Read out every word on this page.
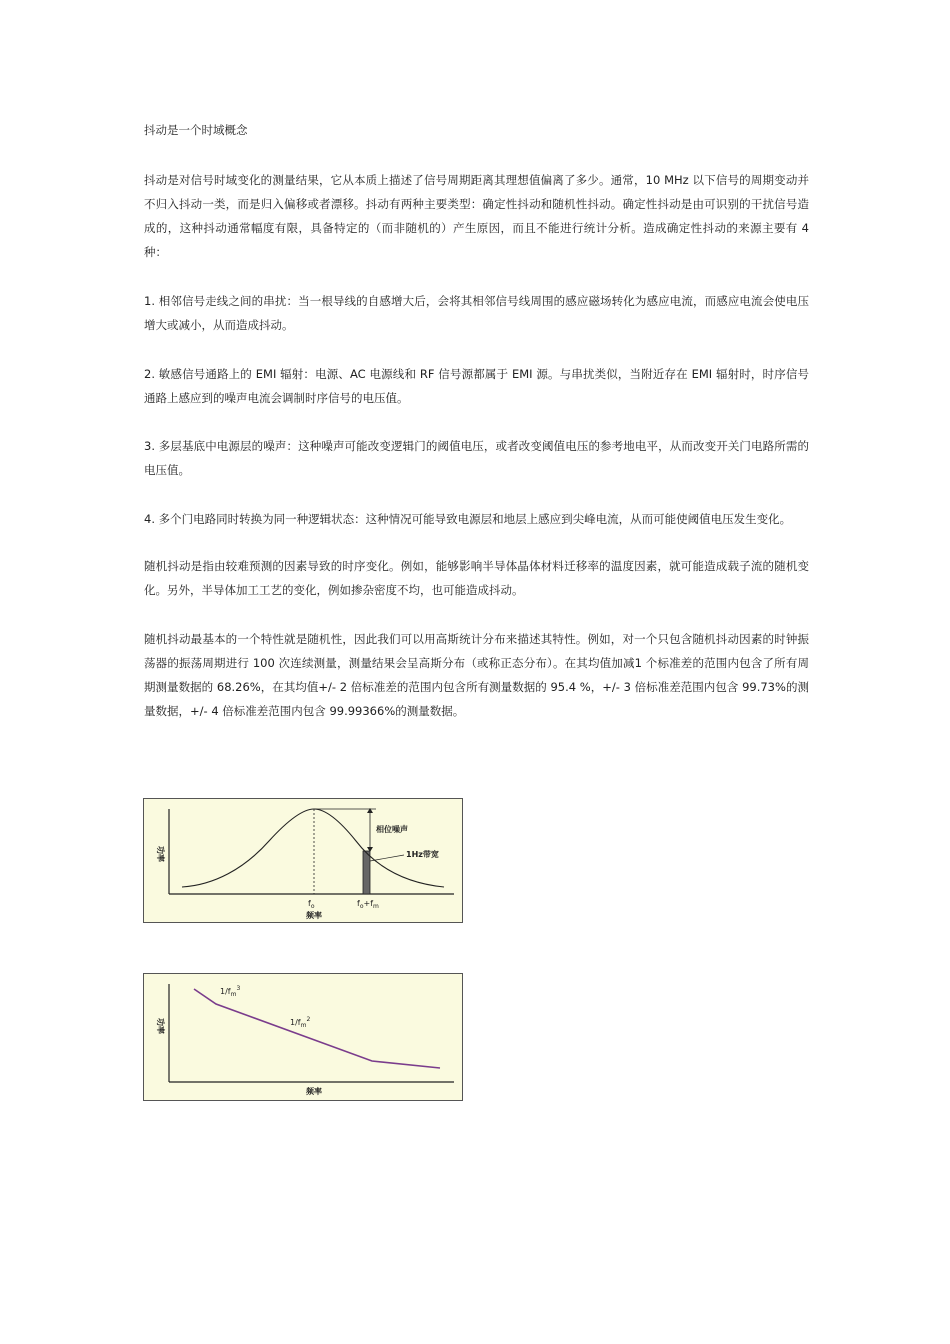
抖动是一个时域概念

抖动是对信号时域变化的测量结果，它从本质上描述了信号周期距离其理想值偏离了多少。通常，10 MHz 以下信号的周期变动并不归入抖动一类，而是归入偏移或者漂移。抖动有两种主要类型：确定性抖动和随机性抖动。确定性抖动是由可识别的干扰信号造成的，这种抖动通常幅度有限，具备特定的（而非随机的）产生原因，而且不能进行统计分析。造成确定性抖动的来源主要有 4 种：

1. 相邻信号走线之间的串扰：当一根导线的自感增大后，会将其相邻信号线周围的感应磁场转化为感应电流，而感应电流会使电压增大或减小，从而造成抖动。

2. 敏感信号通路上的 EMI 辐射：电源、AC 电源线和 RF 信号源都属于 EMI 源。与串扰类似，当附近存在 EMI 辐射时，时序信号通路上感应到的噪声电流会调制时序信号的电压值。

3. 多层基底中电源层的噪声：这种噪声可能改变逻辑门的阈值电压，或者改变阈值电压的参考地电平，从而改变开关门电路所需的电压值。

4. 多个门电路同时转换为同一种逻辑状态：这种情况可能导致电源层和地层上感应到尖峰电流，从而可能使阈值电压发生变化。

随机抖动是指由较难预测的因素导致的时序变化。例如，能够影响半导体晶体材料迁移率的温度因素，就可能造成载子流的随机变化。另外，半导体加工工艺的变化，例如掺杂密度不均，也可能造成抖动。

随机抖动最基本的一个特性就是随机性，因此我们可以用高斯统计分布来描述其特性。例如，对一个只包含随机抖动因素的时钟振荡器的振荡周期进行 100 次连续测量，测量结果会呈高斯分布（或称正态分布）。在其均值加减1 个标准差的范围内包含了所有周期测量数据的 68.26%，在其均值+/- 2 倍标准差的范围内包含所有测量数据的 95.4 %，+/- 3 倍标准差范围内包含 99.73%的测量数据，+/- 4 倍标准差范围内包含 99.99366%的测量数据。

相位噪声
1Hz带宽
功率
$f_o$	$f_o+f_m$
频率
$1/f_m^3$
$1/f_m^2$
功率
频率
